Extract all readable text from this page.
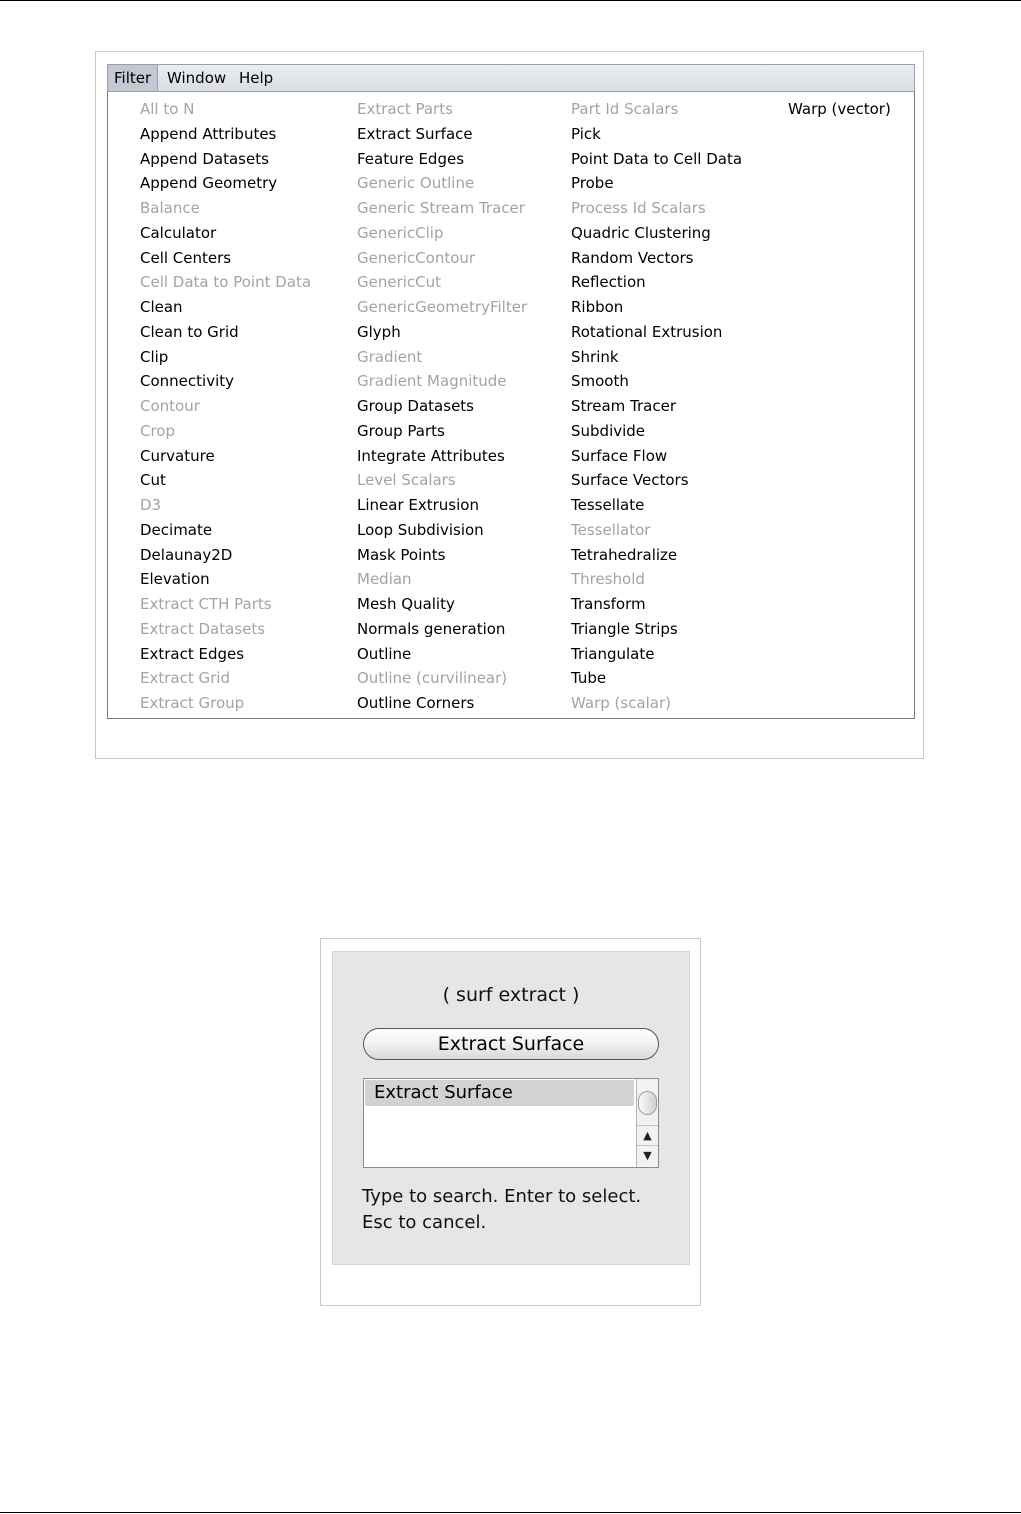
Filter	Window Help
All to N
Append Attributes
Append Datasets
Append Geometry
Balance
Calculator
Cell Centers
Cell Data to Point Data
Clean
Clean to Grid
Clip
Connectivity
Contour
Crop
Curvature
Cut
D3
Decimate
Delaunay2D
Elevation
Extract CTH Parts
Extract Datasets
Extract Edges
Extract Grid
Extract Group
Extract Parts
Extract Surface
Feature Edges
Generic Outline
Generic Stream Tracer
GenericClip
GenericContour
GenericCut
GenericGeometryFilter
Glyph
Gradient
Gradient Magnitude
Group Datasets
Group Parts
Integrate Attributes
Level Scalars
Linear Extrusion
Loop Subdivision
Mask Points
Median
Mesh Quality
Normals generation
Outline
Outline (curvilinear)
Outline Corners
Part Id Scalars
Pick
Point Data to Cell Data
Probe
Process Id Scalars
Quadric Clustering
Random Vectors
Reflection
Ribbon
Rotational Extrusion
Shrink
Smooth
Stream Tracer
Subdivide
Surface Flow
Surface Vectors
Tessellate
Tessellator
Tetrahedralize
Threshold
Transform
Triangle Strips
Triangulate
Tube
Warp (scalar)
Warp (vector)
( surf extract )
Extract Surface
Extract Surface
▲
▼
Type to search. Enter to select.
Esc to cancel.
